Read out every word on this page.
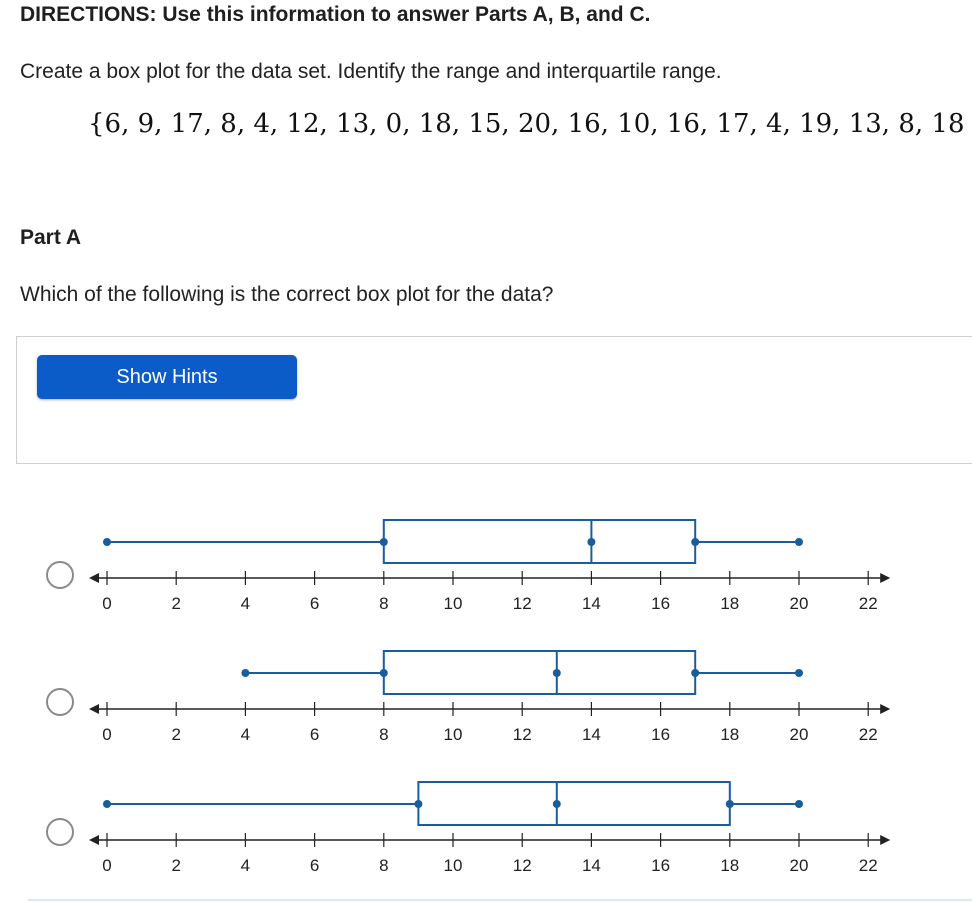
DIRECTIONS: Use this information to answer Parts A, B, and C.

Create a box plot for the data set. Identify the range and interquartile range.

{6, 9, 17, 8, 4, 12, 13, 0, 18, 15, 20, 16, 10, 16, 17, 4, 19, 13, 8, 18
Part A

Which of the following is the correct box plot for the data?

Show Hints
0	2	4	6	8	10	12	14	16	18	20	22
0	2	4	6	8	10	12	14	16	18	20	22
0	2	4	6	8	10	12	14	16	18	20	22
